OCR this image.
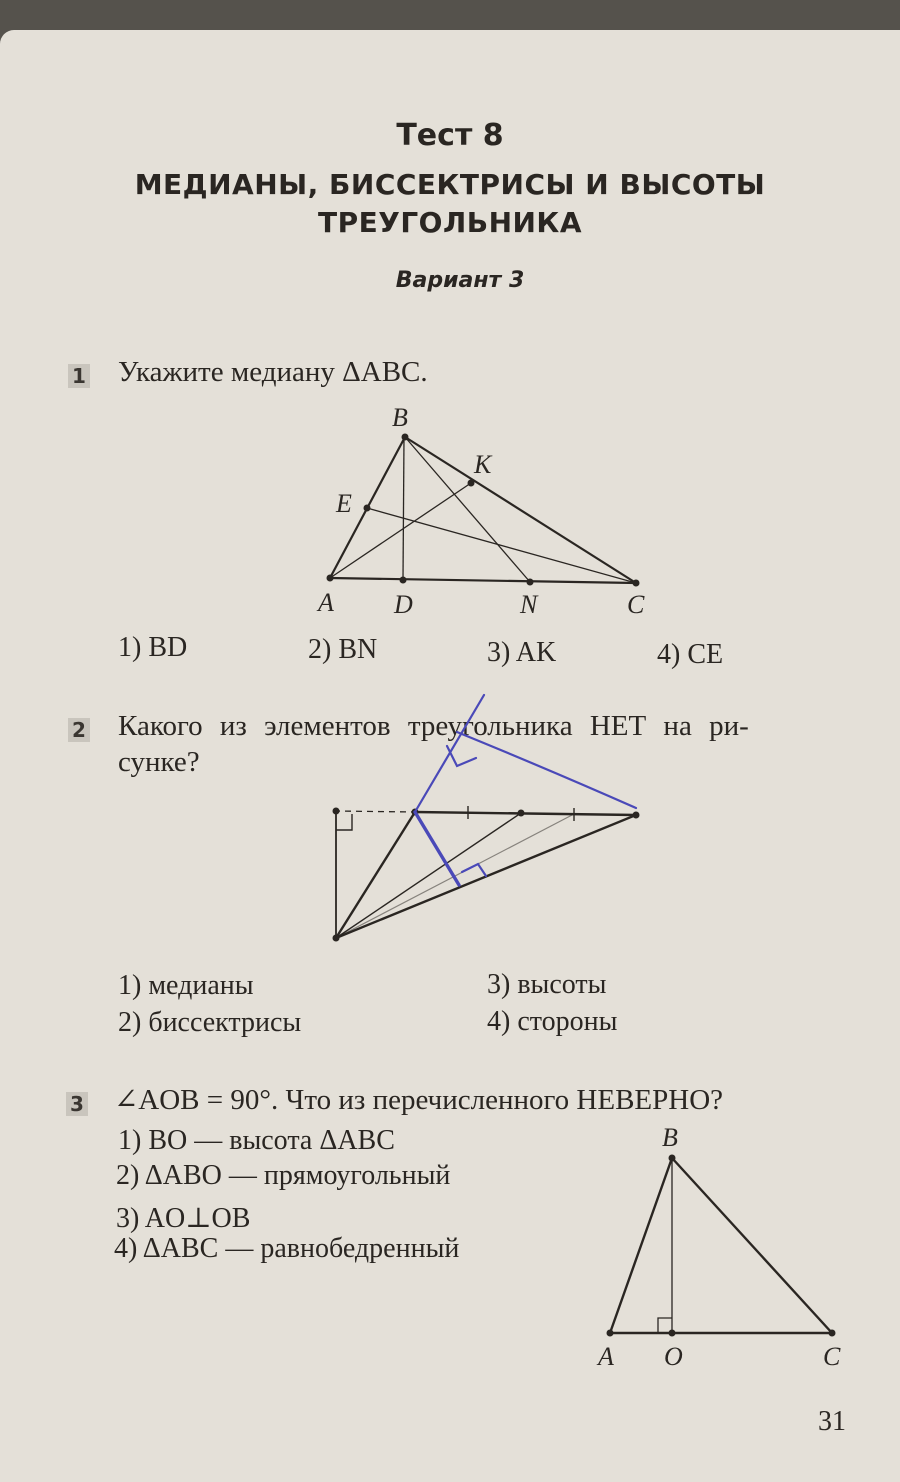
Тест 8
МЕДИАНЫ, БИССЕКТРИСЫ И ВЫСОТЫ
ТРЕУГОЛЬНИКА
Вариант 3
1 Укажите медиану ΔABC.
B
K
E
A D	N	C
1) BD	2) BN	3) AK	4) CE
2 Какого из элементов треугольника НЕТ на ри-
сунке?
1) медианы
2) биссектрисы
3) высоты
4) стороны
3 ∠AOB = 90°. Что из перечисленного НЕВЕРНО?
1) BO — высота ΔABC
2) ΔABO — прямоугольный
3) AO⊥OB
4) ΔABC — равнобедренный
B
A O	C
31
